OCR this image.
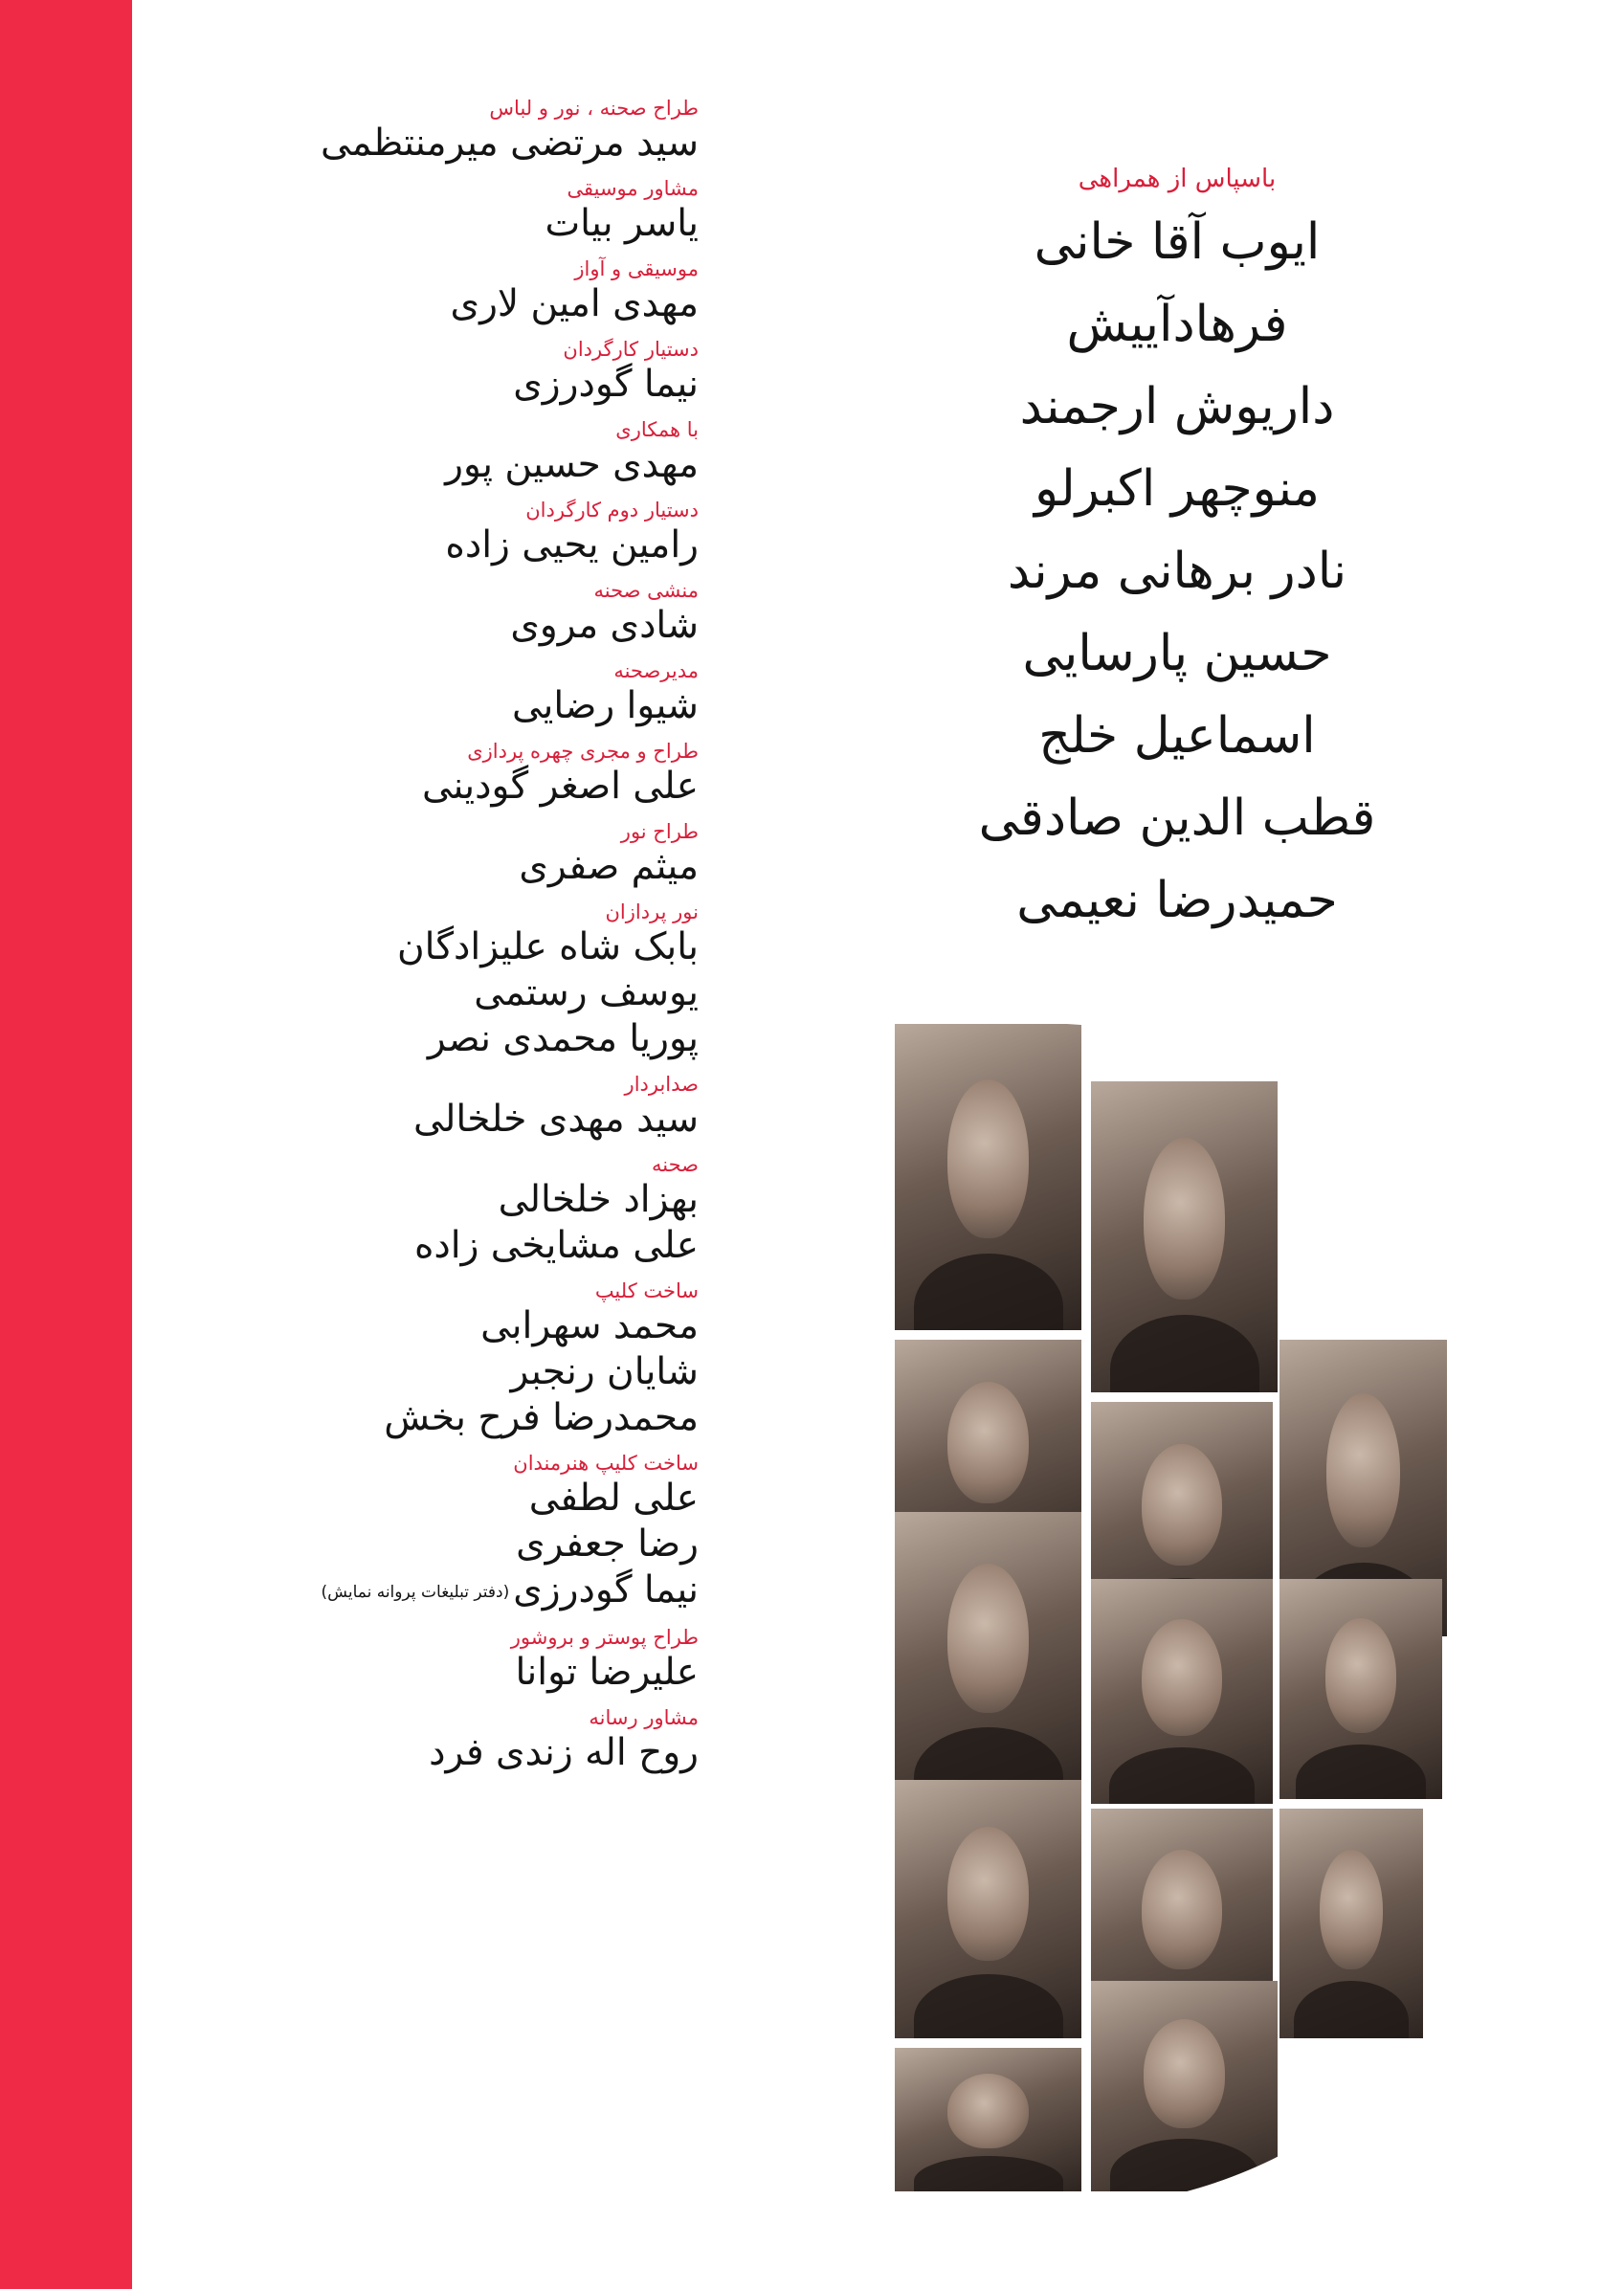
طراح صحنه ، نور و لباس
سید مرتضی میرمنتظمی
مشاور موسیقی
یاسر بیات
موسیقی و آواز
مهدی امین لاری
دستیار کارگردان
نیما گودرزی
با همکاری
مهدی حسین پور
دستیار دوم کارگردان
رامین یحیی زاده
منشی صحنه
شادی مروی
مدیرصحنه
شیوا رضایی
طراح و مجری چهره پردازی
علی اصغر گودینی
طراح نور
میثم صفری
نور پردازان
بابک شاه علیزادگان
یوسف رستمی
پوریا محمدی نصر
صدابردار
سید مهدی خلخالی
صحنه
بهزاد خلخالی
علی مشایخی زاده
ساخت کلیپ
محمد سهرابی
شایان رنجبر
محمدرضا فرح بخش
ساخت کلیپ هنرمندان
علی لطفی
رضا جعفری
نیما گودرزی(دفتر تبلیغات پروانه نمایش)
طراح پوستر و بروشور
علیرضا توانا
مشاور رسانه
روح اله زندی فرد
باسپاس از همراهی
ایوب آقا خانی
فرهادآییش
داریوش ارجمند
منوچهر اکبرلو
نادر برهانی مرند
حسین پارسایی
اسماعیل خلج
قطب الدین صادقی
حمیدرضا نعیمی
